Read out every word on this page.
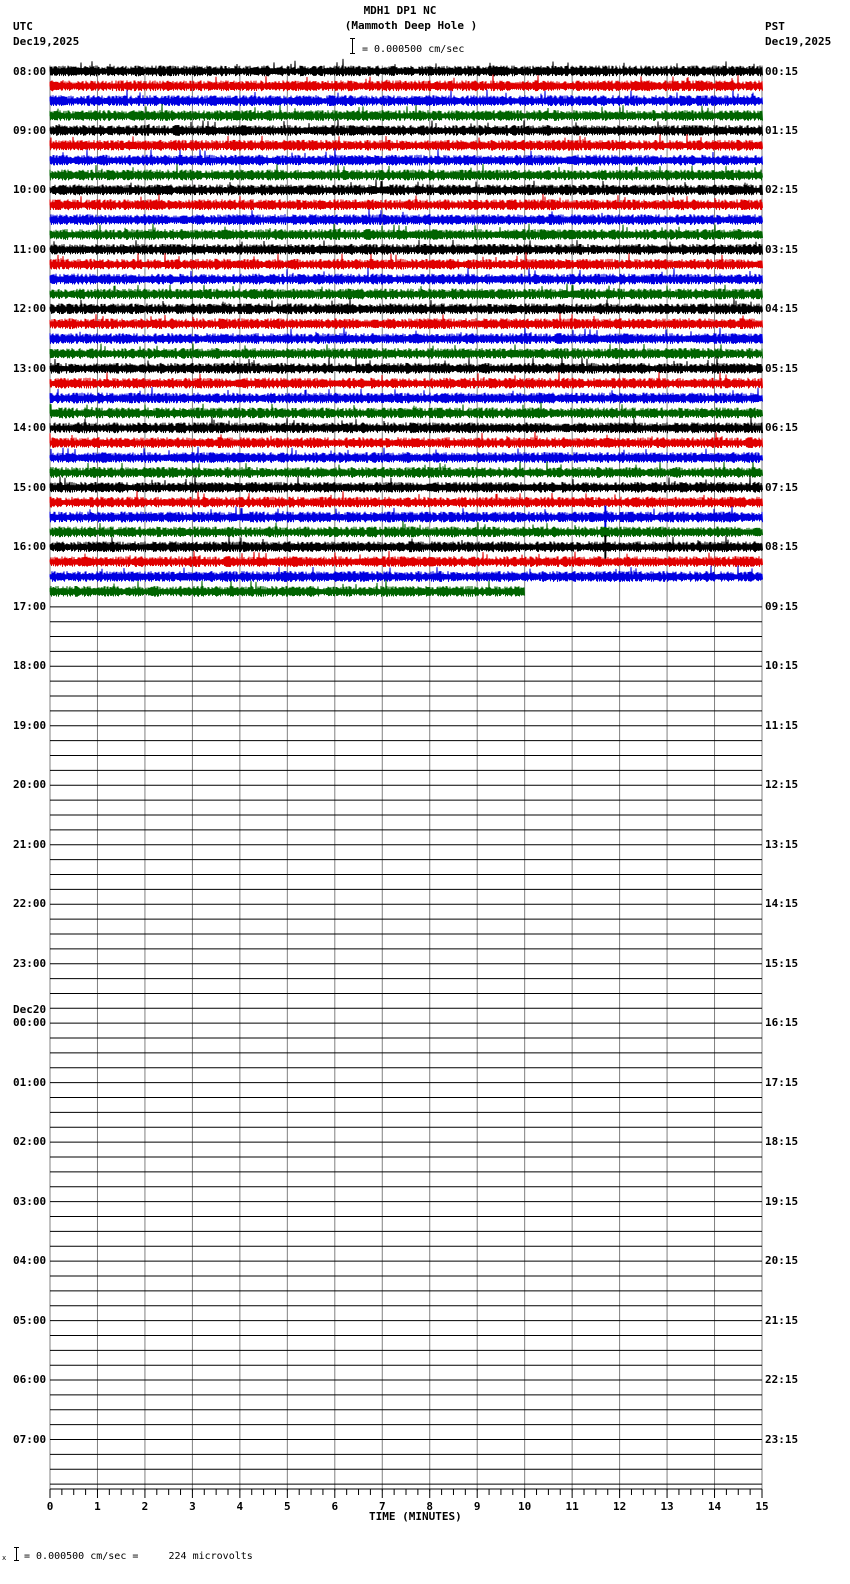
MDH1 DP1 NC
(Mammoth Deep Hole )
= 0.000500 cm/sec
UTC
Dec19,2025
PST
Dec19,2025
0	1	2	3	4	5	6	7	8	9	10	11	12	13	14	15
08:00
09:00
10:00
11:00
12:00
13:00
14:00
15:00
16:00
17:00
18:00
19:00
20:00
21:00
22:00
23:00
Dec20
00:00
01:00
02:00
03:00
04:00
05:00
06:00
07:00
00:15
01:15
02:15
03:15
04:15
05:15
06:15
07:15
08:15
09:15
10:15
11:15
12:15
13:15
14:15
15:15
16:15
17:15
18:15
19:15
20:15
21:15
22:15
23:15
TIME (MINUTES)
x = 0.000500 cm/sec =     224 microvolts
